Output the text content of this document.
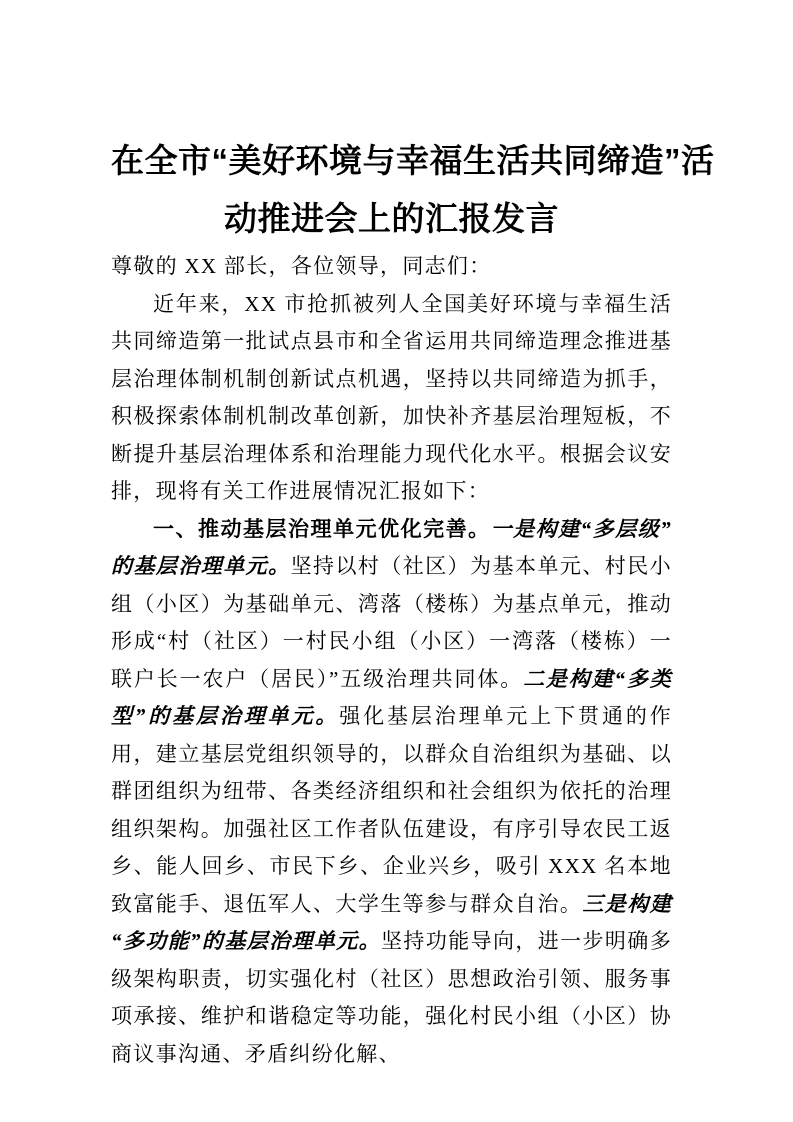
在全市“美好环境与幸福生活共同缔造”活
动推进会上的汇报发言

尊敬的 XX 部长，各位领导，同志们：

近年来，XX 市抢抓被列人全国美好环境与幸福生活共同缔造第一批试点县市和全省运用共同缔造理念推进基层治理体制机制创新试点机遇，坚持以共同缔造为抓手，积极探索体制机制改革创新，加快补齐基层治理短板，不断提升基层治理体系和治理能力现代化水平。根据会议安排，现将有关工作进展情况汇报如下：

一、推动基层治理单元优化完善。一是构建“多层级”的基层治理单元。坚持以村（社区）为基本单元、村民小组（小区）为基础单元、湾落（楼栋）为基点单元，推动形成“村（社区）一村民小组（小区）一湾落（楼栋）一联户长一农户（居民）”五级治理共同体。二是构建“多类型”的基层治理单元。强化基层治理单元上下贯通的作用，建立基层党组织领导的，以群众自治组织为基础、以群团组织为纽带、各类经济组织和社会组织为依托的治理组织架构。加强社区工作者队伍建设，有序引导农民工返乡、能人回乡、市民下乡、企业兴乡，吸引 XXX 名本地致富能手、退伍军人、大学生等参与群众自治。三是构建“多功能”的基层治理单元。坚持功能导向，进一步明确多级架构职责，切实强化村（社区）思想政治引领、服务事项承接、维护和谐稳定等功能，强化村民小组（小区）协商议事沟通、矛盾纠纷化解、
